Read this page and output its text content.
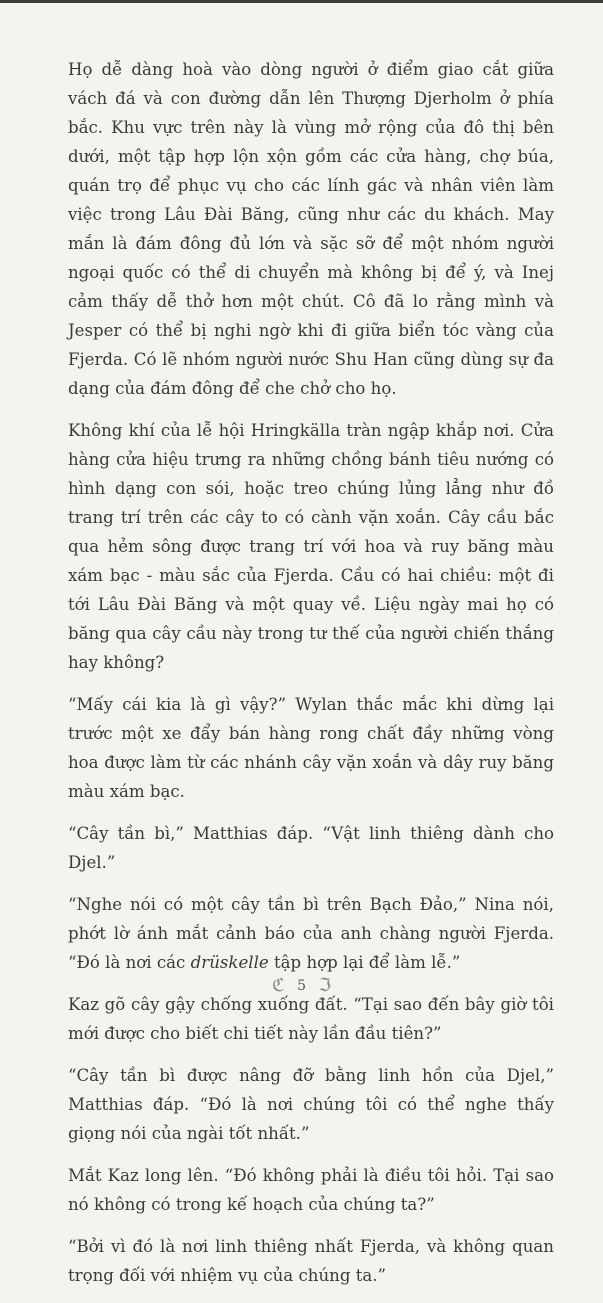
Họ dễ dàng hoà vào dòng người ở điểm giao cắt giữa vách đá và con đường dẫn lên Thượng Djerholm ở phía bắc. Khu vực trên này là vùng mở rộng của đô thị bên dưới, một tập hợp lộn xộn gồm các cửa hàng, chợ búa, quán trọ để phục vụ cho các lính gác và nhân viên làm việc trong Lâu Đài Băng, cũng như các du khách. May mắn là đám đông đủ lớn và sặc sỡ để một nhóm người ngoại quốc có thể di chuyển mà không bị để ý, và Inej cảm thấy dễ thở hơn một chút. Cô đã lo rằng mình và Jesper có thể bị nghi ngờ khi đi giữa biển tóc vàng của Fjerda. Có lẽ nhóm người nước Shu Han cũng dùng sự đa dạng của đám đông để che chở cho họ.

Không khí của lễ hội Hringkälla tràn ngập khắp nơi. Cửa hàng cửa hiệu trưng ra những chồng bánh tiêu nướng có hình dạng con sói, hoặc treo chúng lủng lẳng như đồ trang trí trên các cây to có cành vặn xoắn. Cây cầu bắc qua hẻm sông được trang trí với hoa và ruy băng màu xám bạc - màu sắc của Fjerda. Cầu có hai chiều: một đi tới Lâu Đài Băng và một quay về. Liệu ngày mai họ có băng qua cây cầu này trong tư thế của người chiến thắng hay không?

“Mấy cái kia là gì vậy?” Wylan thắc mắc khi dừng lại trước một xe đẩy bán hàng rong chất đầy những vòng hoa được làm từ các nhánh cây vặn xoắn và dây ruy băng màu xám bạc.

“Cây tần bì,” Matthias đáp. “Vật linh thiêng dành cho Djel.”

“Nghe nói có một cây tần bì trên Bạch Đảo,” Nina nói, phớt lờ ánh mắt cảnh báo của anh chàng người Fjerda. “Đó là nơi các drüskelle tập hợp lại để làm lễ.”

Kaz gõ cây gậy chống xuống đất. “Tại sao đến bây giờ tôi mới được cho biết chi tiết này lần đầu tiên?”

“Cây tần bì được nâng đỡ bằng linh hồn của Djel,” Matthias đáp. “Đó là nơi chúng tôi có thể nghe thấy giọng nói của ngài tốt nhất.”

Mắt Kaz long lên. “Đó không phải là điều tôi hỏi. Tại sao nó không có trong kế hoạch của chúng ta?”

“Bởi vì đó là nơi linh thiêng nhất Fjerda, và không quan trọng đối với nhiệm vụ của chúng ta.”

ℭ 5 ℑ
